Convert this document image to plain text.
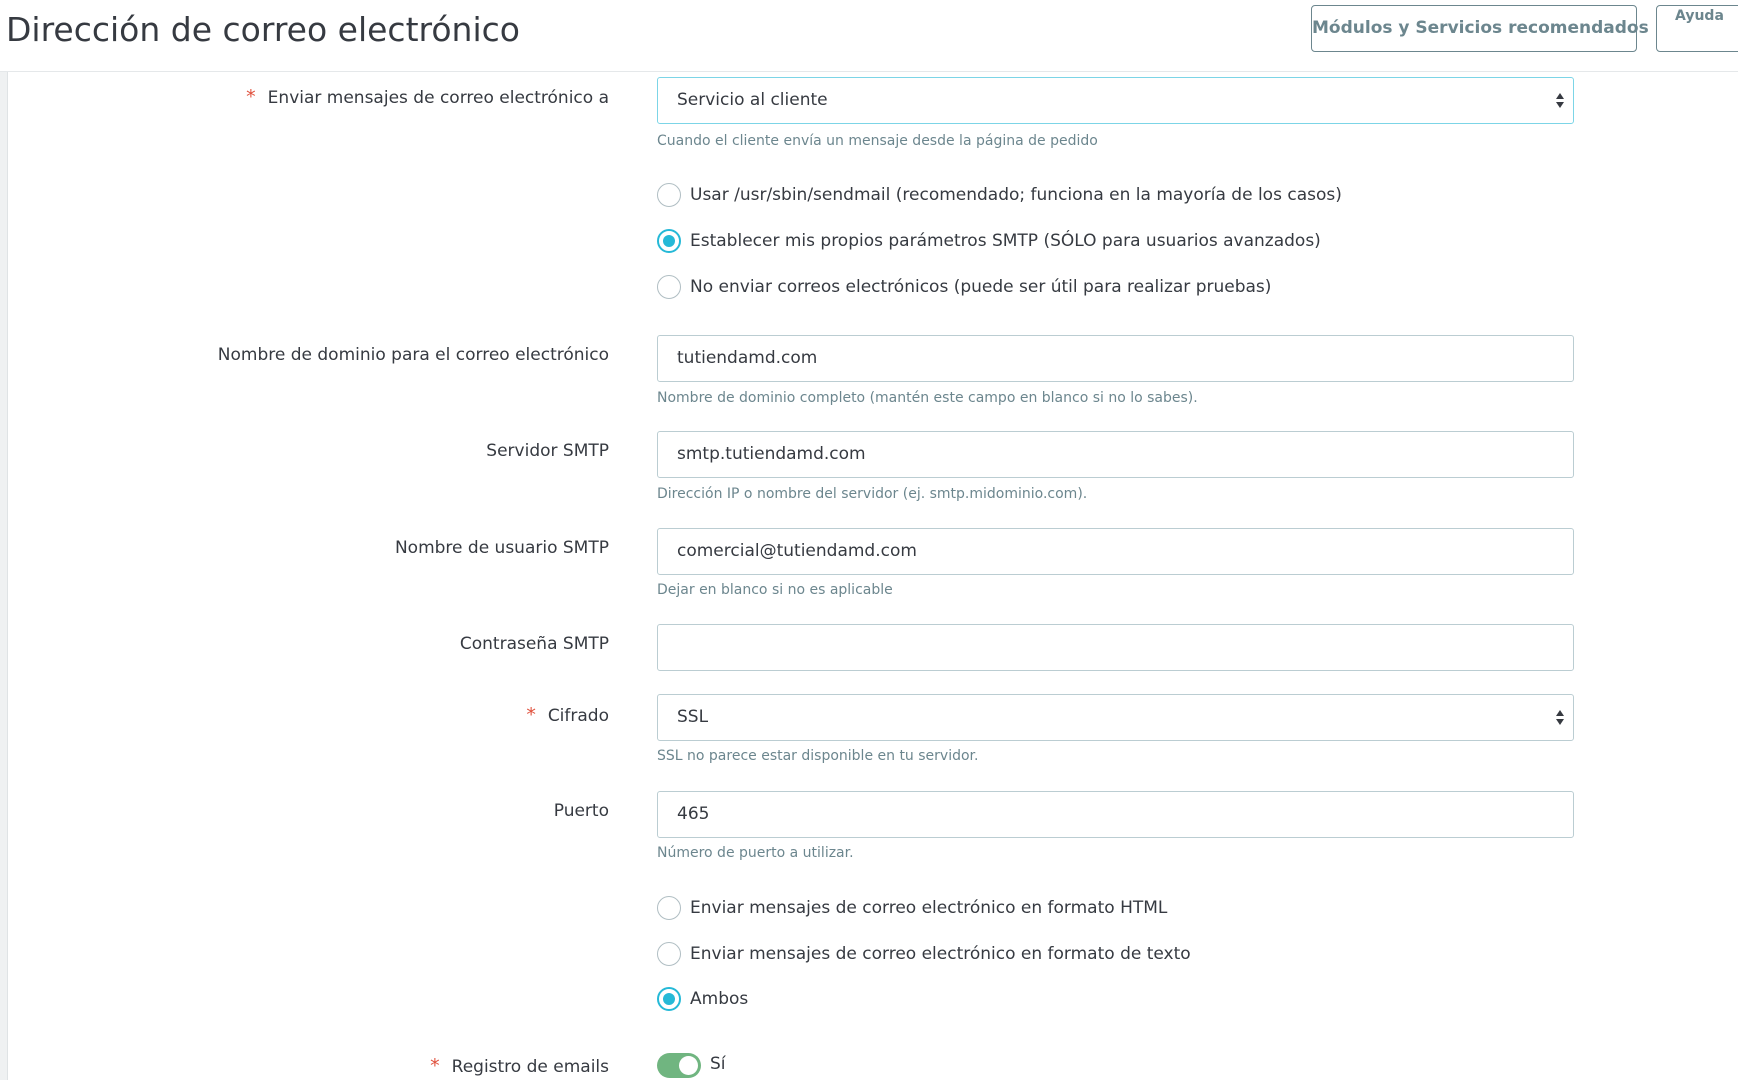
Dirección de correo electrónico	Módulos y Servicios recomendados
Ayuda
* Enviar mensajes de correo electrónico a	Servicio al cliente
Cuando el cliente envía un mensaje desde la página de pedido
Usar /usr/sbin/sendmail (recomendado; funciona en la mayoría de los casos)
Establecer mis propios parámetros SMTP (SÓLO para usuarios avanzados)
No enviar correos electrónicos (puede ser útil para realizar pruebas)
Nombre de dominio para el correo electrónico	tutiendamd.com
Nombre de dominio completo (mantén este campo en blanco si no lo sabes).
Servidor SMTP	smtp.tutiendamd.com
Dirección IP o nombre del servidor (ej. smtp.midominio.com).
Nombre de usuario SMTP	comercial@tutiendamd.com
Dejar en blanco si no es aplicable
Contraseña SMTP
* Cifrado	SSL
SSL no parece estar disponible en tu servidor.
Puerto	465
Número de puerto a utilizar.
Enviar mensajes de correo electrónico en formato HTML
Enviar mensajes de correo electrónico en formato de texto
Ambos
* Registro de emails	Sí
